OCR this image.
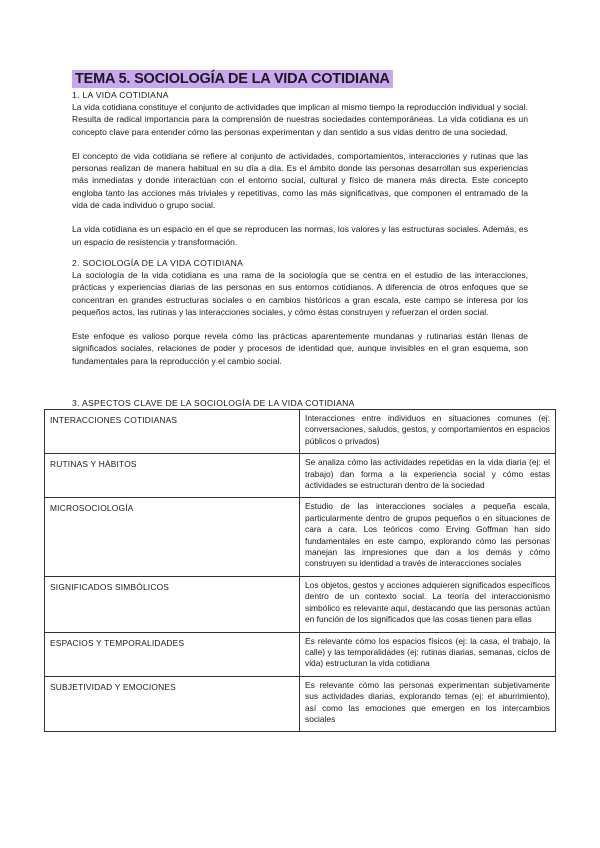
TEMA 5. SOCIOLOGÍA DE LA VIDA COTIDIANA
1. LA VIDA COTIDIANA

La vida cotidiana constituye el conjunto de actividades que implican al mismo tiempo la reproducción individual y social. Resulta de radical importancia para la comprensión de nuestras sociedades contemporáneas. La vida cotidiana es un concepto clave para entender cómo las personas experimentan y dan sentido a sus vidas dentro de una sociedad.

El concepto de vida cotidiana se refiere al conjunto de actividades, comportamientos, interacciones y rutinas que las personas realizan de manera habitual en su día a día. Es el ámbito donde las personas desarrollan sus experiencias más inmediatas y donde interactúan con el entorno social, cultural y físico de manera más directa. Este concepto engloba tanto las acciones más triviales y repetitivas, como las más significativas, que componen el entramado de la vida de cada individuo o grupo social.

La vida cotidiana es un espacio en el que se reproducen las normas, los valores y las estructuras sociales. Además, es un espacio de resistencia y transformación.

2. SOCIOLOGÍA DE LA VIDA COTIDIANA

La sociología de la vida cotidiana es una rama de la sociología que se centra en el estudio de las interacciones, prácticas y experiencias diarias de las personas en sus entornos cotidianos. A diferencia de otros enfoques que se concentran en grandes estructuras sociales o en cambios históricos a gran escala, este campo se interesa por los pequeños actos, las rutinas y las interacciones sociales, y cómo éstas construyen y refuerzan el orden social.

Este enfoque es valioso porque revela cómo las prácticas aparentemente mundanas y rutinarias están llenas de significados sociales, relaciones de poder y procesos de identidad que, aunque invisibles en el gran esquema, son fundamentales para la reproducción y el cambio social.

3. ASPECTOS CLAVE DE LA SOCIOLOGÍA DE LA VIDA COTIDIANA
INTERACCIONES COTIDIANAS	Interacciones entre individuos en situaciones comunes (ej: conversaciones, saludos, gestos, y comportamientos en espacios públicos o privados)
RUTINAS Y HÁBITOS	Se analiza cómo las actividades repetidas en la vida diaria (ej: el trabajo) dan forma a la experiencia social y cómo estas actividades se estructuran dentro de la sociedad
MICROSOCIOLOGÍA	Estudio de las interacciones sociales a pequeña escala, particularmente dentro de grupos pequeños o en situaciones de cara a cara. Los teóricos como Erving Goffman han sido fundamentales en este campo, explorando cómo las personas manejan las impresiones que dan a los demás y cómo construyen su identidad a través de interacciones sociales
SIGNIFICADOS SIMBÓLICOS	Los objetos, gestos y acciones adquieren significados específicos dentro de un contexto social. La teoría del interaccionismo simbólico es relevante aquí, destacando que las personas actúan en función de los significados que las cosas tienen para ellas
ESPACIOS Y TEMPORALIDADES	Es relevante cómo los espacios físicos (ej: la casa, el trabajo, la calle) y las temporalidades (ej: rutinas diarias, semanas, ciclos de vida) estructuran la vida cotidiana
SUBJETIVIDAD Y EMOCIONES	Es relevante cómo las personas experimentan subjetivamente sus actividades diarias, explorando temas (ej: el aburrimiento), así como las emociones que emergen en los intercambios sociales
